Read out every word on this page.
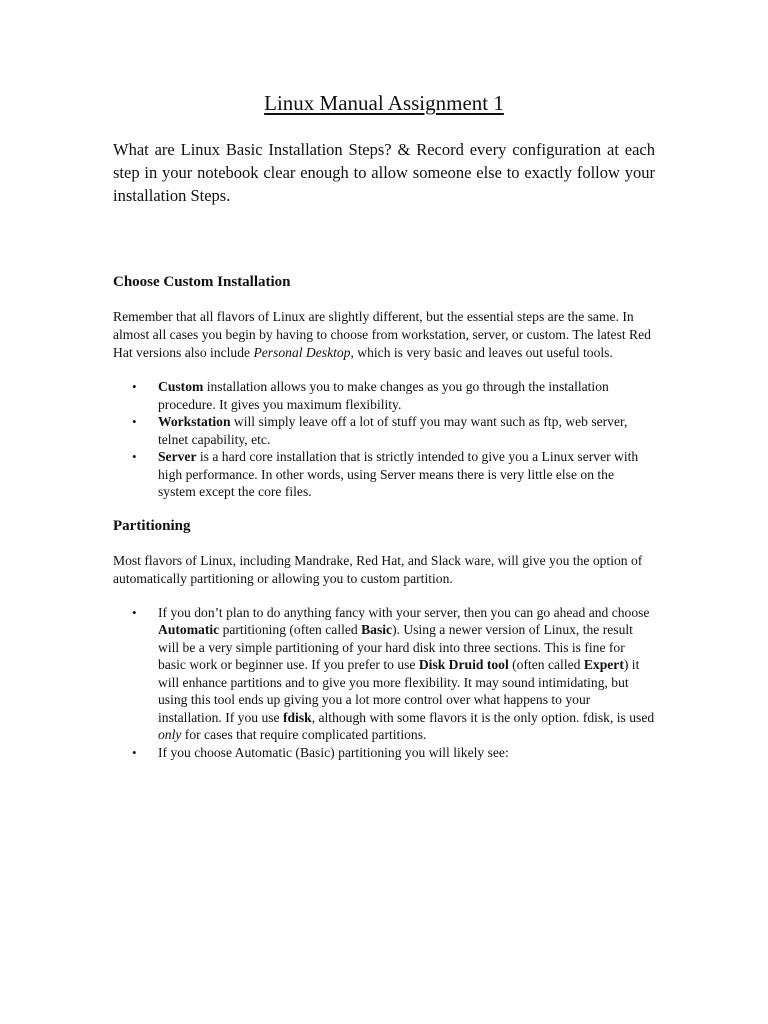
Linux Manual Assignment 1

What are Linux Basic Installation Steps? & Record every configuration at each step in your notebook clear enough to allow someone else to exactly follow your installation Steps.

Choose Custom Installation

Remember that all flavors of Linux are slightly different, but the essential steps are the same. In almost all cases you begin by having to choose from workstation, server, or custom. The latest Red Hat versions also include Personal Desktop, which is very basic and leaves out useful tools.

• Custom installation allows you to make changes as you go through the installation procedure. It gives you maximum flexibility.
• Workstation will simply leave off a lot of stuff you may want such as ftp, web server, telnet capability, etc.
• Server is a hard core installation that is strictly intended to give you a Linux server with high performance. In other words, using Server means there is very little else on the system except the core files.
Partitioning

Most flavors of Linux, including Mandrake, Red Hat, and Slack ware, will give you the option of automatically partitioning or allowing you to custom partition.

• If you don’t plan to do anything fancy with your server, then you can go ahead and choose Automatic partitioning (often called Basic). Using a newer version of Linux, the result will be a very simple partitioning of your hard disk into three sections. This is fine for basic work or beginner use. If you prefer to use Disk Druid tool (often called Expert) it will enhance partitions and to give you more flexibility. It may sound intimidating, but using this tool ends up giving you a lot more control over what happens to your installation. If you use fdisk, although with some flavors it is the only option. fdisk, is used only for cases that require complicated partitions.
• If you choose Automatic (Basic) partitioning you will likely see:
